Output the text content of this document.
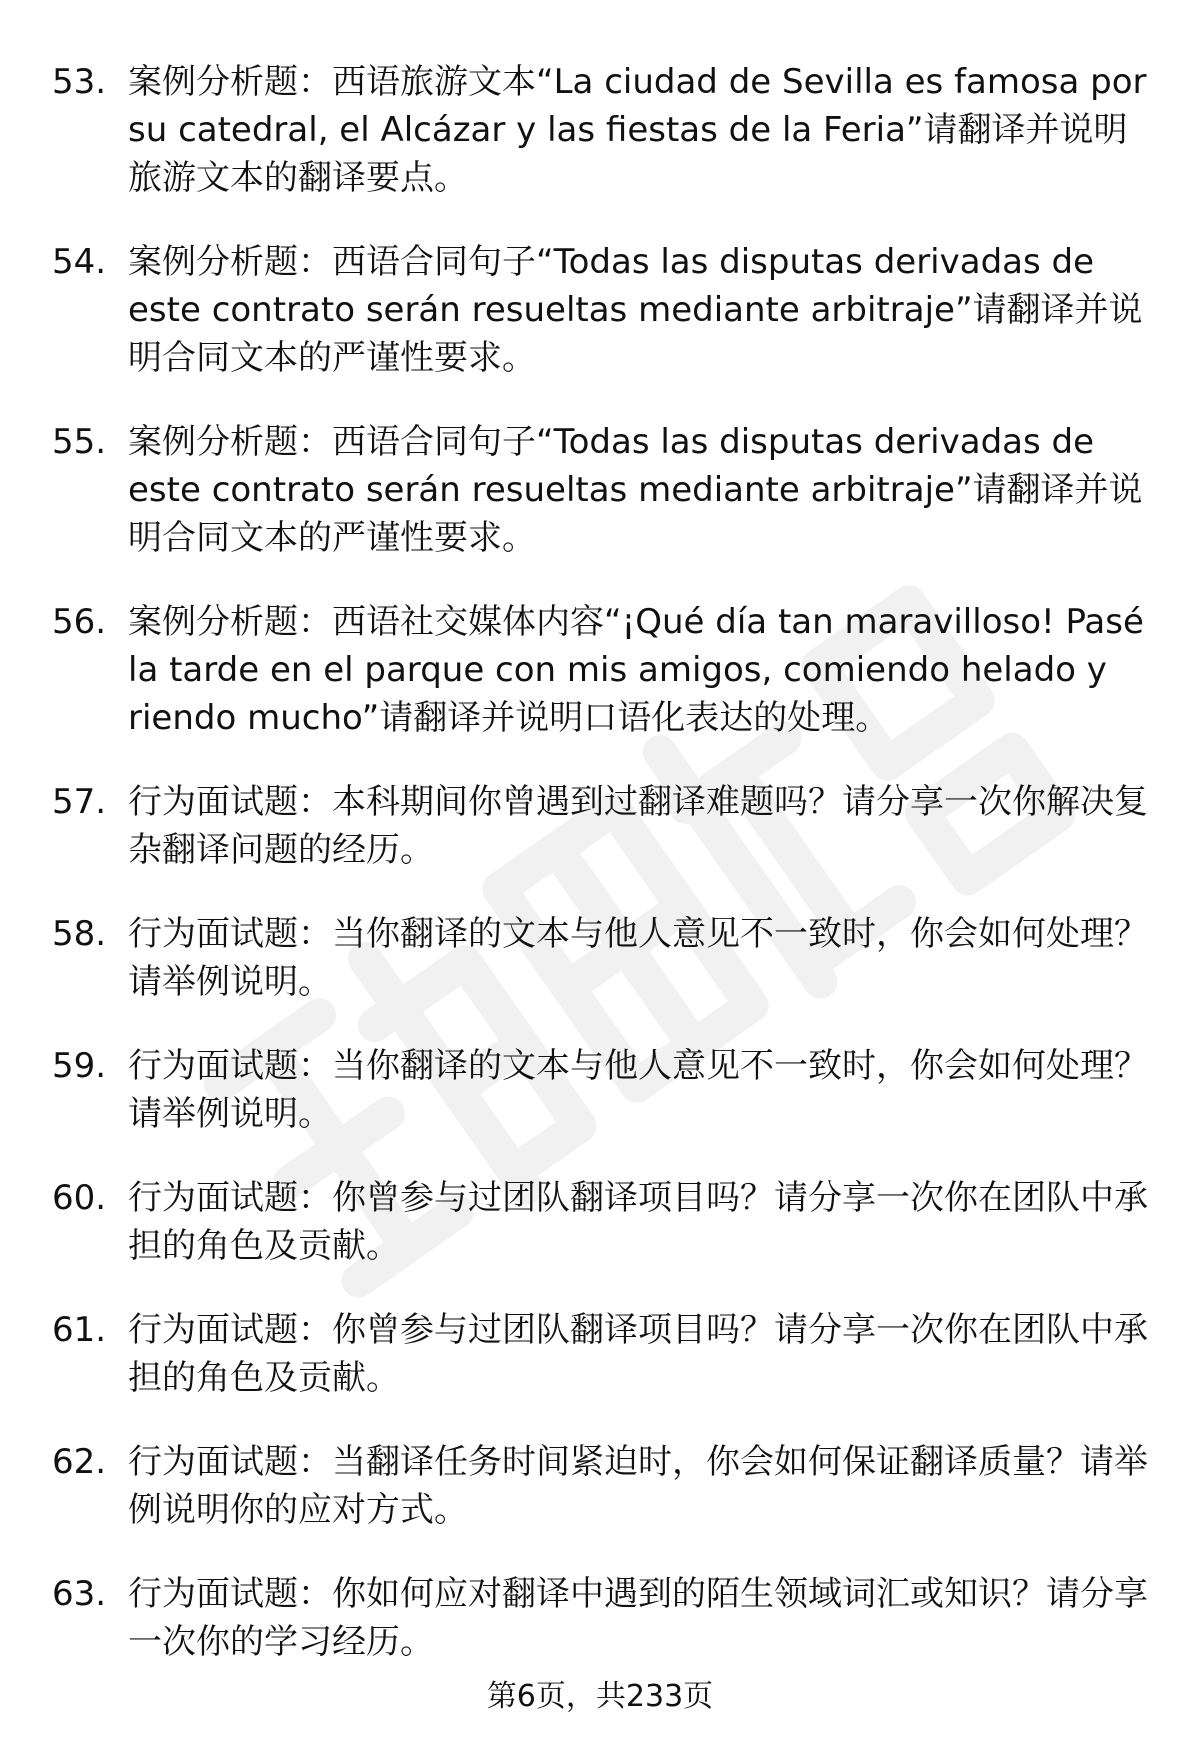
53. 案例分析题：西语旅游文本“La ciudad de Sevilla es famosa por su catedral, el Alcázar y las fiestas de la Feria”请翻译并说明旅游文本的翻译要点。
54. 案例分析题：西语合同句子“Todas las disputas derivadas de este contrato serán resueltas mediante arbitraje”请翻译并说明合同文本的严谨性要求。
55. 案例分析题：西语合同句子“Todas las disputas derivadas de este contrato serán resueltas mediante arbitraje”请翻译并说明合同文本的严谨性要求。
56. 案例分析题：西语社交媒体内容“¡Qué día tan maravilloso! Pasé la tarde en el parque con mis amigos, comiendo helado y riendo mucho”请翻译并说明口语化表达的处理。
57. 行为面试题：本科期间你曾遇到过翻译难题吗？请分享一次你解决复杂翻译问题的经历。
58. 行为面试题：当你翻译的文本与他人意见不一致时，你会如何处理？请举例说明。
59. 行为面试题：当你翻译的文本与他人意见不一致时，你会如何处理？请举例说明。
60. 行为面试题：你曾参与过团队翻译项目吗？请分享一次你在团队中承担的角色及贡献。
61. 行为面试题：你曾参与过团队翻译项目吗？请分享一次你在团队中承担的角色及贡献。
62. 行为面试题：当翻译任务时间紧迫时，你会如何保证翻译质量？请举例说明你的应对方式。
63. 行为面试题：你如何应对翻译中遇到的陌生领域词汇或知识？请分享一次你的学习经历。
第6页，共233页
